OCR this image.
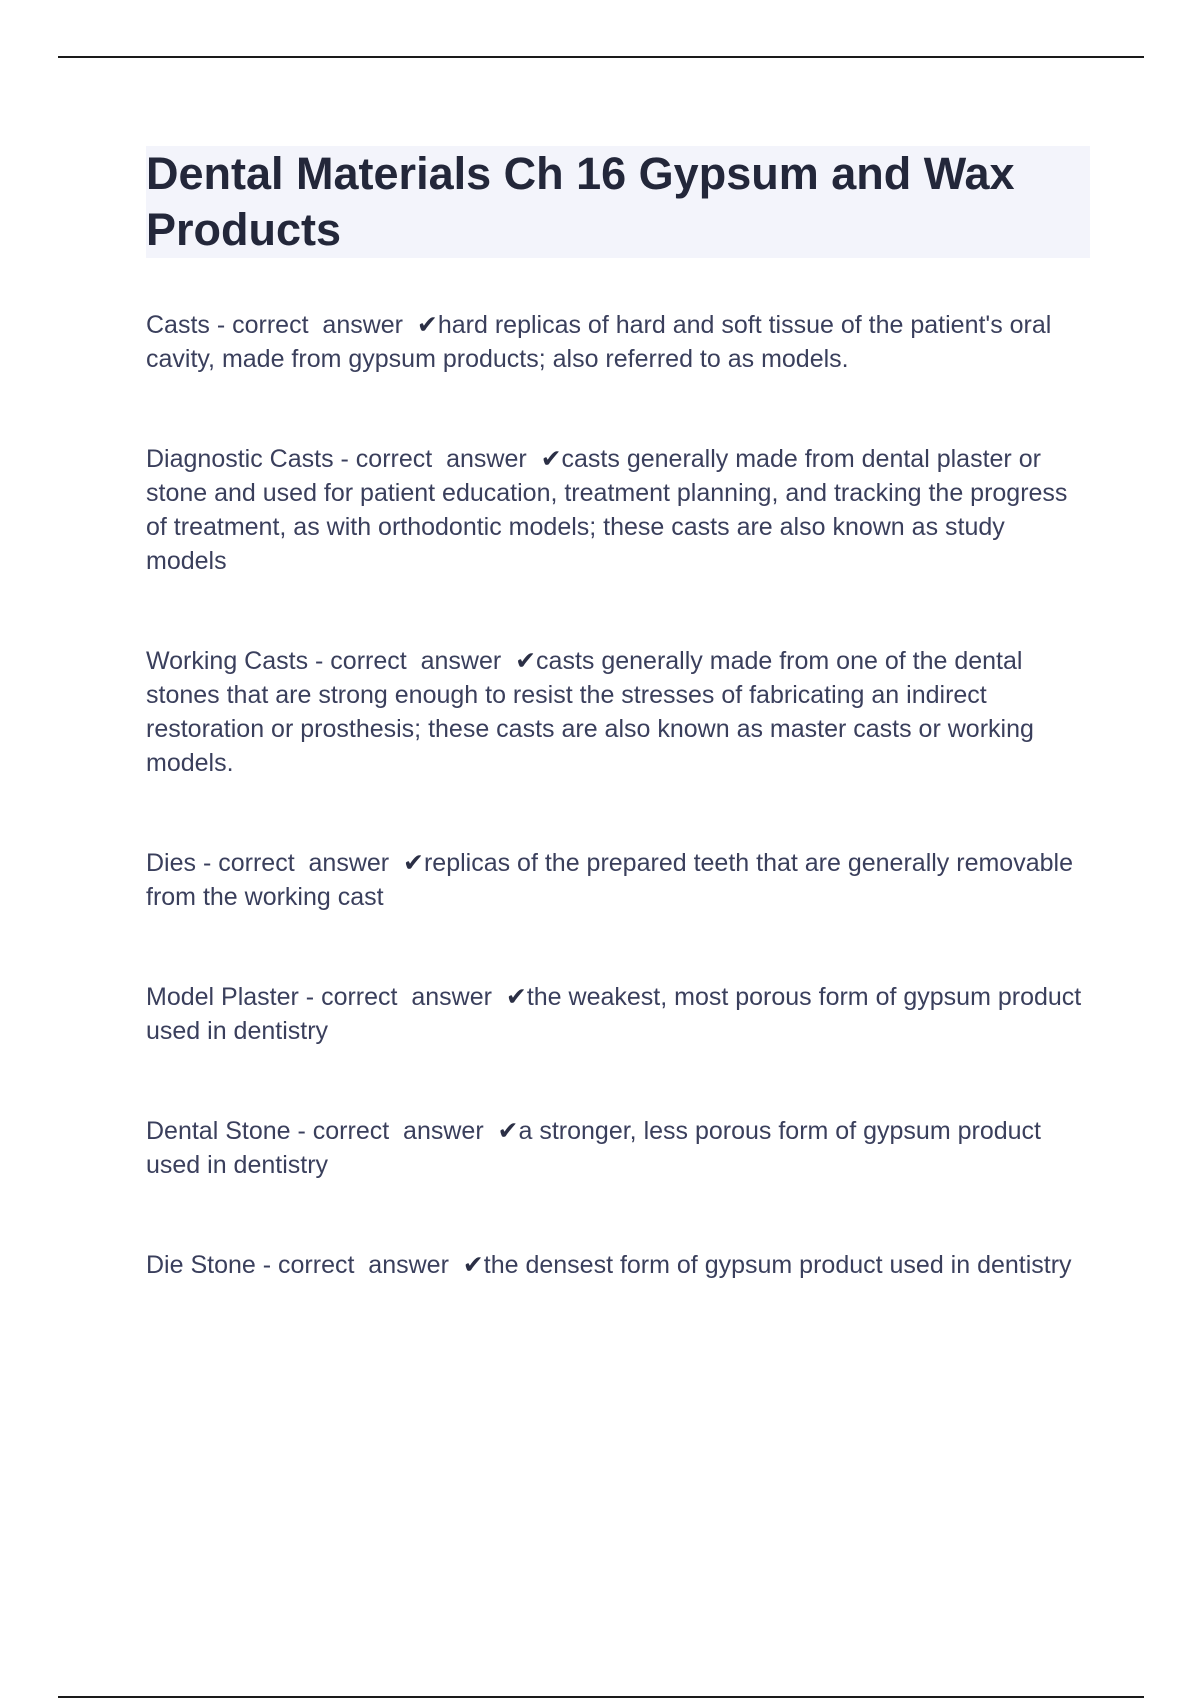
Dental Materials Ch 16 Gypsum and Wax Products

Casts - correct  answer  ✔hard replicas of hard and soft tissue of the patient's oral cavity, made from gypsum products; also referred to as models.

Diagnostic Casts - correct  answer  ✔casts generally made from dental plaster or stone and used for patient education, treatment planning, and tracking the progress of treatment, as with orthodontic models; these casts are also known as study models

Working Casts - correct  answer  ✔casts generally made from one of the dental stones that are strong enough to resist the stresses of fabricating an indirect restoration or prosthesis; these casts are also known as master casts or working models.

Dies - correct  answer  ✔replicas of the prepared teeth that are generally removable from the working cast

Model Plaster - correct  answer  ✔the weakest, most porous form of gypsum product used in dentistry

Dental Stone - correct  answer  ✔a stronger, less porous form of gypsum product used in dentistry

Die Stone - correct  answer  ✔the densest form of gypsum product used in dentistry
